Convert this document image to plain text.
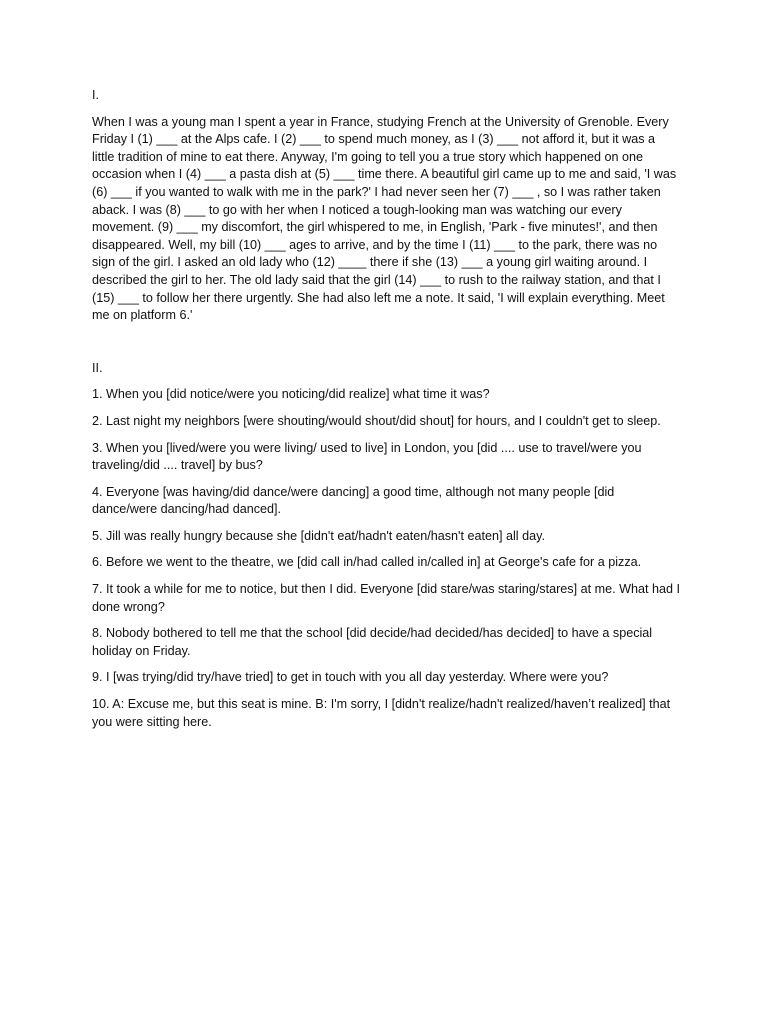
I.

When I was a young man I spent a year in France, studying French at the University of Grenoble. Every Friday I (1) ___ at the Alps cafe. I (2) ___ to spend much money, as I (3) ___ not afford it, but it was a little tradition of mine to eat there. Anyway, I'm going to tell you a true story which happened on one occasion when I (4) ___ a pasta dish at (5) ___ time there. A beautiful girl came up to me and said, 'I was (6) ___ if you wanted to walk with me in the park?' I had never seen her (7) ___ , so I was rather taken aback. I was (8) ___ to go with her when I noticed a tough-looking man was watching our every movement. (9) ___ my discomfort, the girl whispered to me, in English, 'Park - five minutes!', and then disappeared. Well, my bill (10) ___ ages to arrive, and by the time I (11) ___ to the park, there was no sign of the girl. I asked an old lady who (12) ____ there if she (13) ___ a young girl waiting around. I described the girl to her. The old lady said that the girl (14) ___ to rush to the railway station, and that I (15) ___ to follow her there urgently. She had also left me a note. It said, 'I will explain everything. Meet me on platform 6.'

II.

1. When you [did notice/were you noticing/did realize] what time it was?

2. Last night my neighbors [were shouting/would shout/did shout] for hours, and I couldn't get to sleep.

3. When you [lived/were you were living/ used to live] in London, you [did .... use to travel/were you traveling/did .... travel] by bus?

4. Everyone [was having/did dance/were dancing] a good time, although not many people [did dance/were dancing/had danced].

5. Jill was really hungry because she [didn't eat/hadn't eaten/hasn't eaten] all day.

6. Before we went to the theatre, we [did call in/had called in/called in] at George's cafe for a pizza.

7. It took a while for me to notice, but then I did. Everyone [did stare/was staring/stares] at me. What had I done wrong?

8. Nobody bothered to tell me that the school [did decide/had decided/has decided] to have a special holiday on Friday.

9. I [was trying/did try/have tried] to get in touch with you all day yesterday. Where were you?

10. A: Excuse me, but this seat is mine. B: I'm sorry, I [didn't realize/hadn't realized/haven’t realized] that you were sitting here.
